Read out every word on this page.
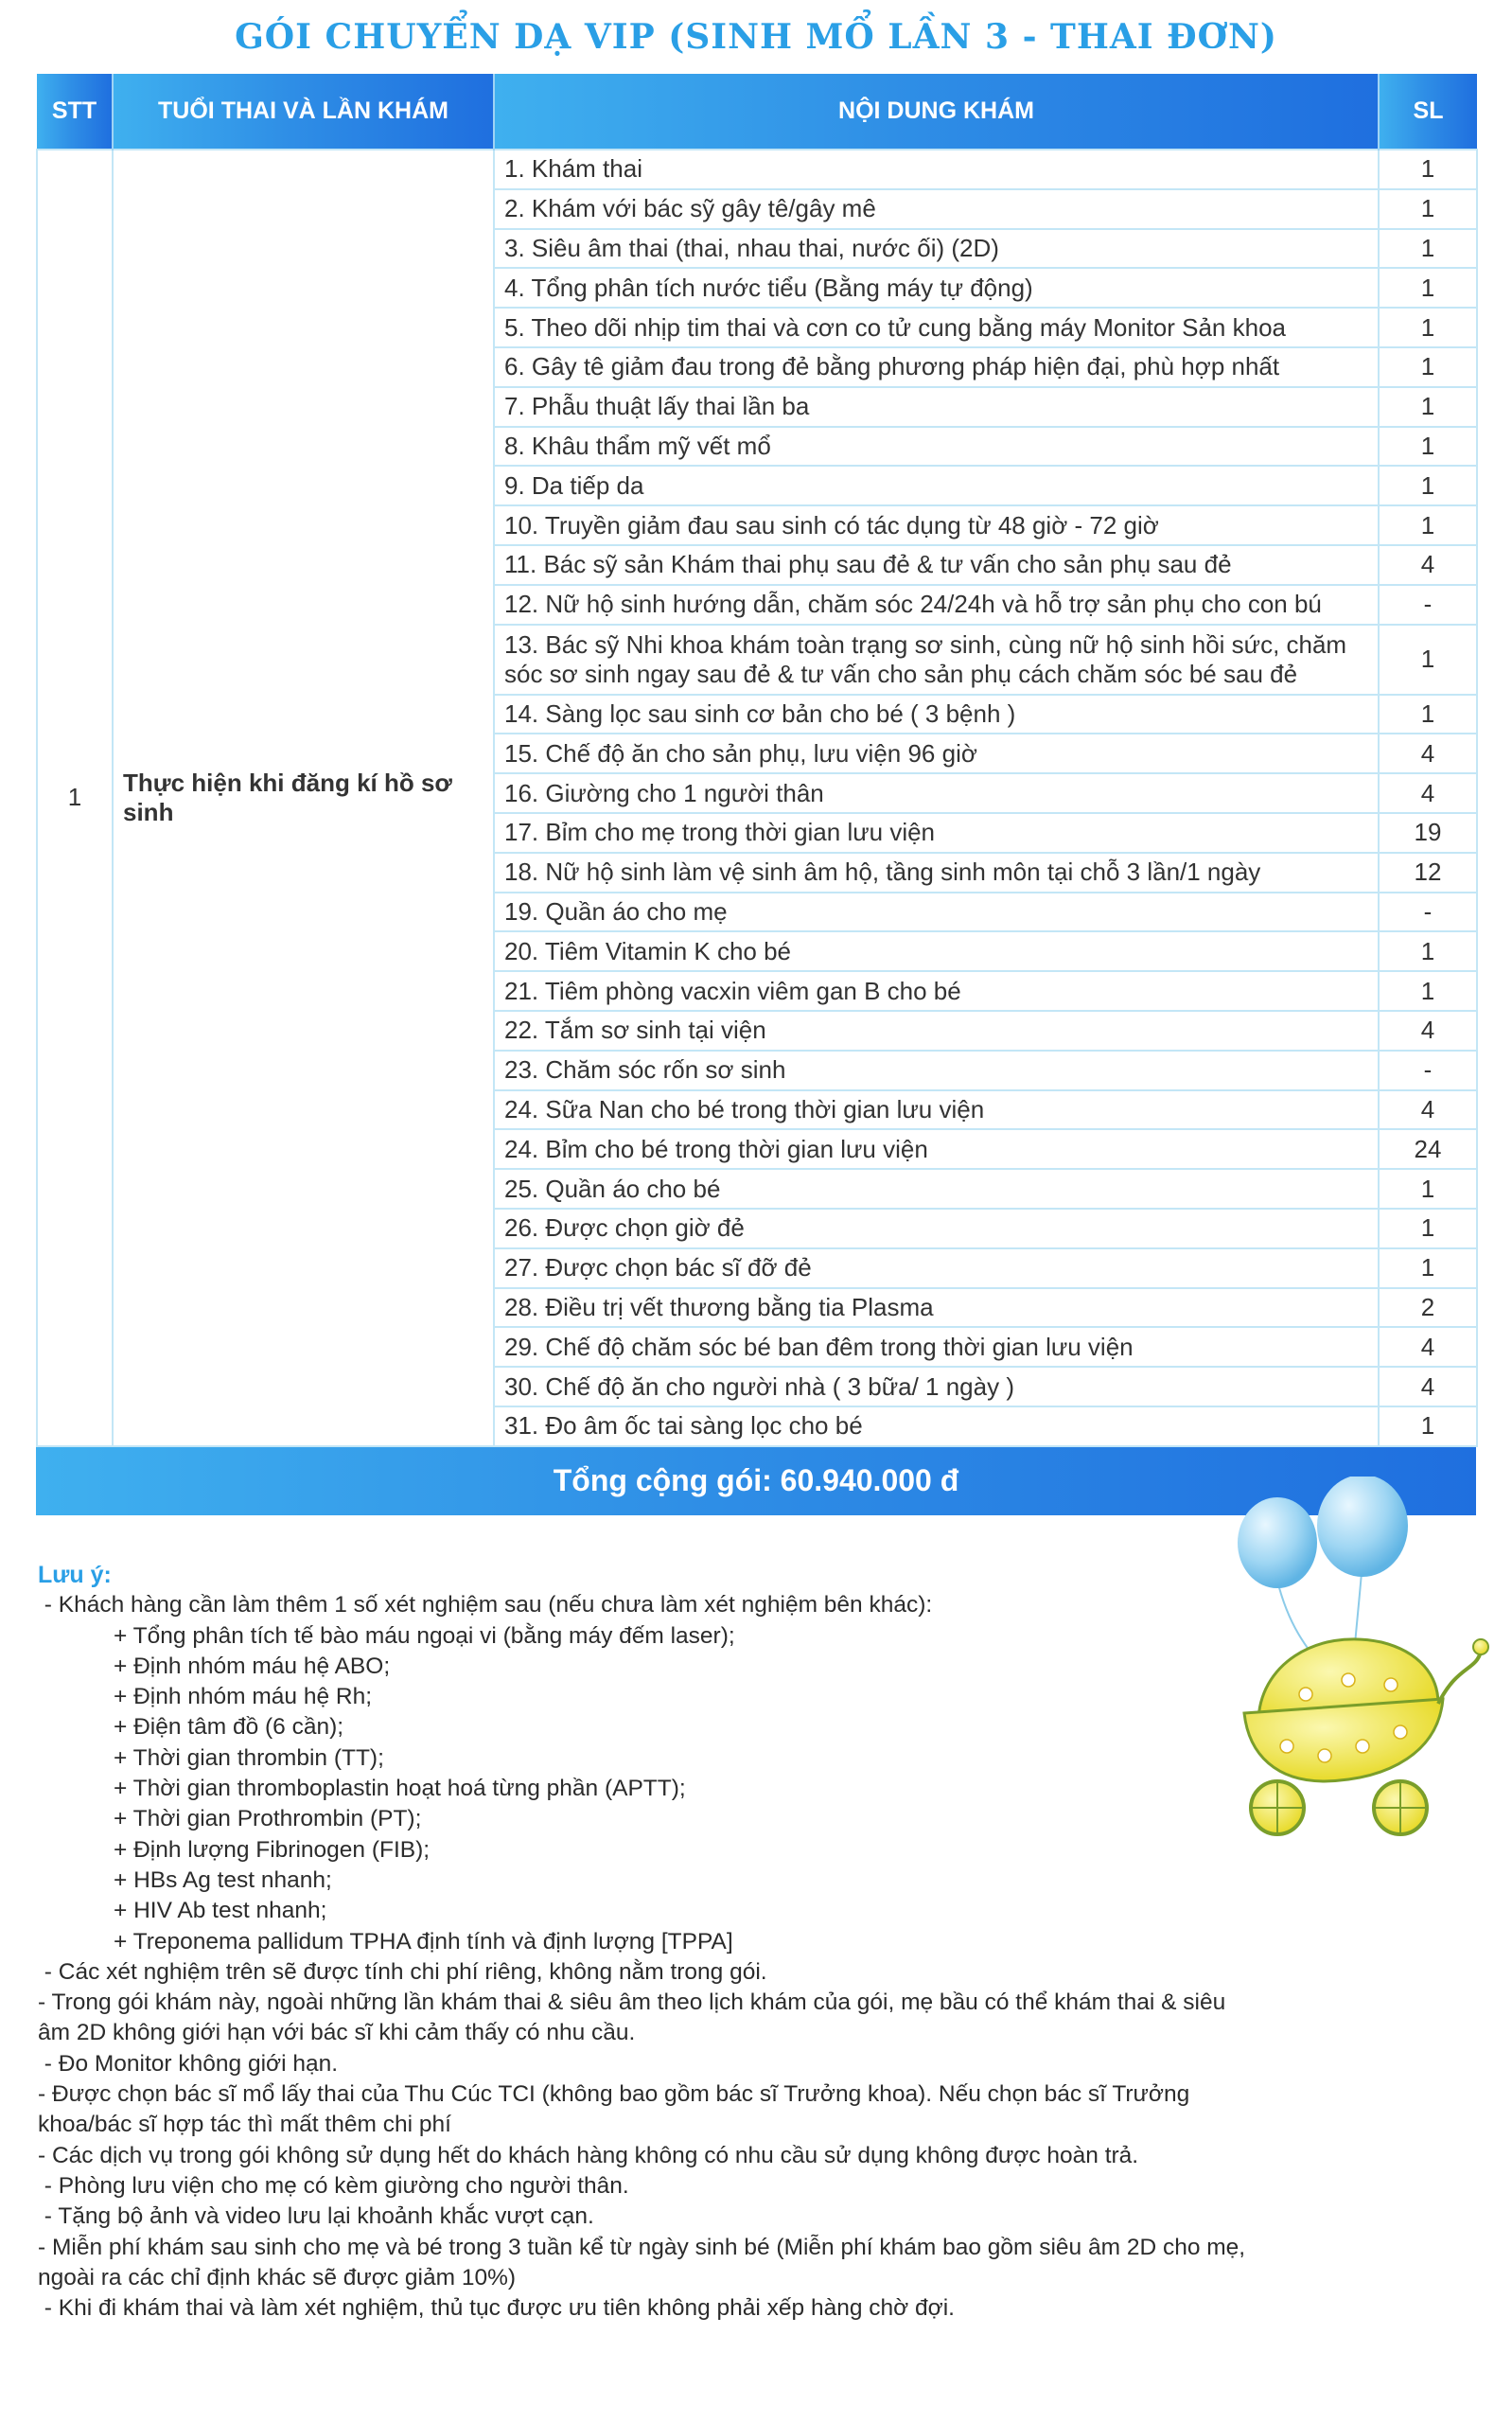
GÓI CHUYỂN DẠ VIP (SINH MỔ LẦN 3 - THAI ĐƠN)
STT	TUỔI THAI VÀ LẦN KHÁM	NỘI DUNG KHÁM	SL
1	Thực hiện khi đăng kí hồ sơ sinh	1. Khám thai	1
		2. Khám với bác sỹ gây tê/gây mê	1
		3. Siêu âm thai (thai, nhau thai, nước ối) (2D)	1
		4. Tổng phân tích nước tiểu (Bằng máy tự động)	1
		5. Theo dõi nhịp tim thai và cơn co tử cung bằng máy Monitor Sản khoa	1
		6. Gây tê giảm đau trong đẻ bằng phương pháp hiện đại, phù hợp nhất	1
		7. Phẫu thuật lấy thai lần ba	1
		8. Khâu thẩm mỹ vết mổ	1
		9. Da tiếp da	1
		10. Truyền giảm đau sau sinh có tác dụng từ 48 giờ - 72 giờ	1
		11. Bác sỹ sản Khám thai phụ sau đẻ & tư vấn cho sản phụ sau đẻ	4
		12. Nữ hộ sinh hướng dẫn, chăm sóc 24/24h và hỗ trợ sản phụ cho con bú	-
		13. Bác sỹ Nhi khoa khám toàn trạng sơ sinh, cùng nữ hộ sinh hồi sức, chăm sóc sơ sinh ngay sau đẻ & tư vấn cho sản phụ cách chăm sóc bé sau đẻ	1
		14. Sàng lọc sau sinh cơ bản cho bé ( 3 bệnh )	1
		15. Chế độ ăn cho sản phụ, lưu viện 96 giờ	4
		16. Giường cho 1 người thân	4
		17. Bỉm cho mẹ trong thời gian lưu viện	19
		18. Nữ hộ sinh làm vệ sinh âm hộ, tầng sinh môn tại chỗ 3 lần/1 ngày	12
		19. Quần áo cho mẹ	-
		20. Tiêm Vitamin K cho bé	1
		21. Tiêm phòng vacxin viêm gan B cho bé	1
		22. Tắm sơ sinh tại viện	4
		23. Chăm sóc rốn sơ sinh	-
		24. Sữa Nan cho bé trong thời gian lưu viện	4
		24. Bỉm cho bé trong thời gian lưu viện	24
		25. Quần áo cho bé	1
		26. Được chọn giờ đẻ	1
		27. Được chọn bác sĩ đỡ đẻ	1
		28. Điều trị vết thương bằng tia Plasma	2
		29. Chế độ chăm sóc bé ban đêm trong thời gian lưu viện	4
		30. Chế độ ăn cho người nhà ( 3 bữa/ 1 ngày )	4
		31. Đo âm ốc tai sàng lọc cho bé	1
Tổng cộng gói: 60.940.000 đ
Lưu ý:
- Khách hàng cần làm thêm 1 số xét nghiệm sau (nếu chưa làm xét nghiệm bên khác):
+ Tổng phân tích tế bào máu ngoại vi (bằng máy đếm laser);
+ Định nhóm máu hệ ABO;
+ Định nhóm máu hệ Rh;
+ Điện tâm đồ (6 cần);
+ Thời gian thrombin (TT);
+ Thời gian thromboplastin hoạt hoá từng phần (APTT);
+ Thời gian Prothrombin (PT);
+ Định lượng Fibrinogen (FIB);
+ HBs Ag test nhanh;
+ HIV Ab test nhanh;
+ Treponema pallidum TPHA định tính và định lượng [TPPA]
- Các xét nghiệm trên sẽ được tính chi phí riêng, không nằm trong gói.
- Trong gói khám này, ngoài những lần khám thai & siêu âm theo lịch khám của gói, mẹ bầu có thể khám thai & siêu âm 2D không giới hạn với bác sĩ khi cảm thấy có nhu cầu.
- Đo Monitor không giới hạn.
- Được chọn bác sĩ mổ lấy thai của Thu Cúc TCI (không bao gồm bác sĩ Trưởng khoa). Nếu chọn bác sĩ Trưởng khoa/bác sĩ hợp tác thì mất thêm chi phí
- Các dịch vụ trong gói không sử dụng hết do khách hàng không có nhu cầu sử dụng không được hoàn trả.
- Phòng lưu viện cho mẹ có kèm giường cho người thân.
- Tặng bộ ảnh và video lưu lại khoảnh khắc vượt cạn.
- Miễn phí khám sau sinh cho mẹ và bé trong 3 tuần kể từ ngày sinh bé (Miễn phí khám bao gồm siêu âm 2D cho mẹ, ngoài ra các chỉ định khác sẽ được giảm 10%)
- Khi đi khám thai và làm xét nghiệm, thủ tục được ưu tiên không phải xếp hàng chờ đợi.
